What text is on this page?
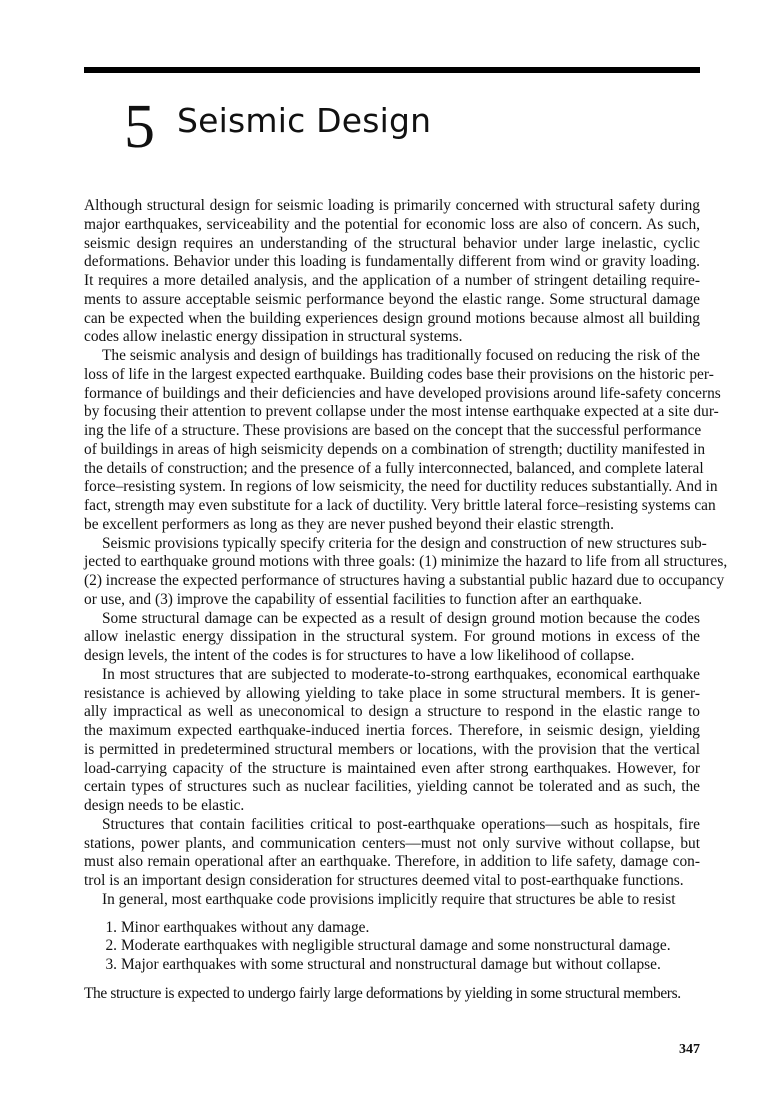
5 Seismic Design
Although structural design for seismic loading is primarily concerned with structural safety during
major earthquakes, serviceability and the potential for economic loss are also of concern. As such,
seismic design requires an understanding of the structural behavior under large inelastic, cyclic
deformations. Behavior under this loading is fundamentally different from wind or gravity loading.
It requires a more detailed analysis, and the application of a number of stringent detailing require-
ments to assure acceptable seismic performance beyond the elastic range. Some structural damage
can be expected when the building experiences design ground motions because almost all building
codes allow inelastic energy dissipation in structural systems.
The seismic analysis and design of buildings has traditionally focused on reducing the risk of the
loss of life in the largest expected earthquake. Building codes base their provisions on the historic per-
formance of buildings and their deficiencies and have developed provisions around life-safety concerns
by focusing their attention to prevent collapse under the most intense earthquake expected at a site dur-
ing the life of a structure. These provisions are based on the concept that the successful performance
of buildings in areas of high seismicity depends on a combination of strength; ductility manifested in
the details of construction; and the presence of a fully interconnected, balanced, and complete lateral
force–resisting system. In regions of low seismicity, the need for ductility reduces substantially. And in
fact, strength may even substitute for a lack of ductility. Very brittle lateral force–resisting systems can
be excellent performers as long as they are never pushed beyond their elastic strength.
Seismic provisions typically specify criteria for the design and construction of new structures sub-
jected to earthquake ground motions with three goals: (1) minimize the hazard to life from all structures,
(2) increase the expected performance of structures having a substantial public hazard due to occupancy
or use, and (3) improve the capability of essential facilities to function after an earthquake.
Some structural damage can be expected as a result of design ground motion because the codes
allow inelastic energy dissipation in the structural system. For ground motions in excess of the
design levels, the intent of the codes is for structures to have a low likelihood of collapse.
In most structures that are subjected to moderate-to-strong earthquakes, economical earthquake
resistance is achieved by allowing yielding to take place in some structural members. It is gener-
ally impractical as well as uneconomical to design a structure to respond in the elastic range to
the maximum expected earthquake-induced inertia forces. Therefore, in seismic design, yielding
is permitted in predetermined structural members or locations, with the provision that the vertical
load-carrying capacity of the structure is maintained even after strong earthquakes. However, for
certain types of structures such as nuclear facilities, yielding cannot be tolerated and as such, the
design needs to be elastic.
Structures that contain facilities critical to post-earthquake operations—such as hospitals, fire
stations, power plants, and communication centers—must not only survive without collapse, but
must also remain operational after an earthquake. Therefore, in addition to life safety, damage con-
trol is an important design consideration for structures deemed vital to post-earthquake functions.
In general, most earthquake code provisions implicitly require that structures be able to resist
1. Minor earthquakes without any damage.
2. Moderate earthquakes with negligible structural damage and some nonstructural damage.
3. Major earthquakes with some structural and nonstructural damage but without collapse.
The structure is expected to undergo fairly large deformations by yielding in some structural members.
347
